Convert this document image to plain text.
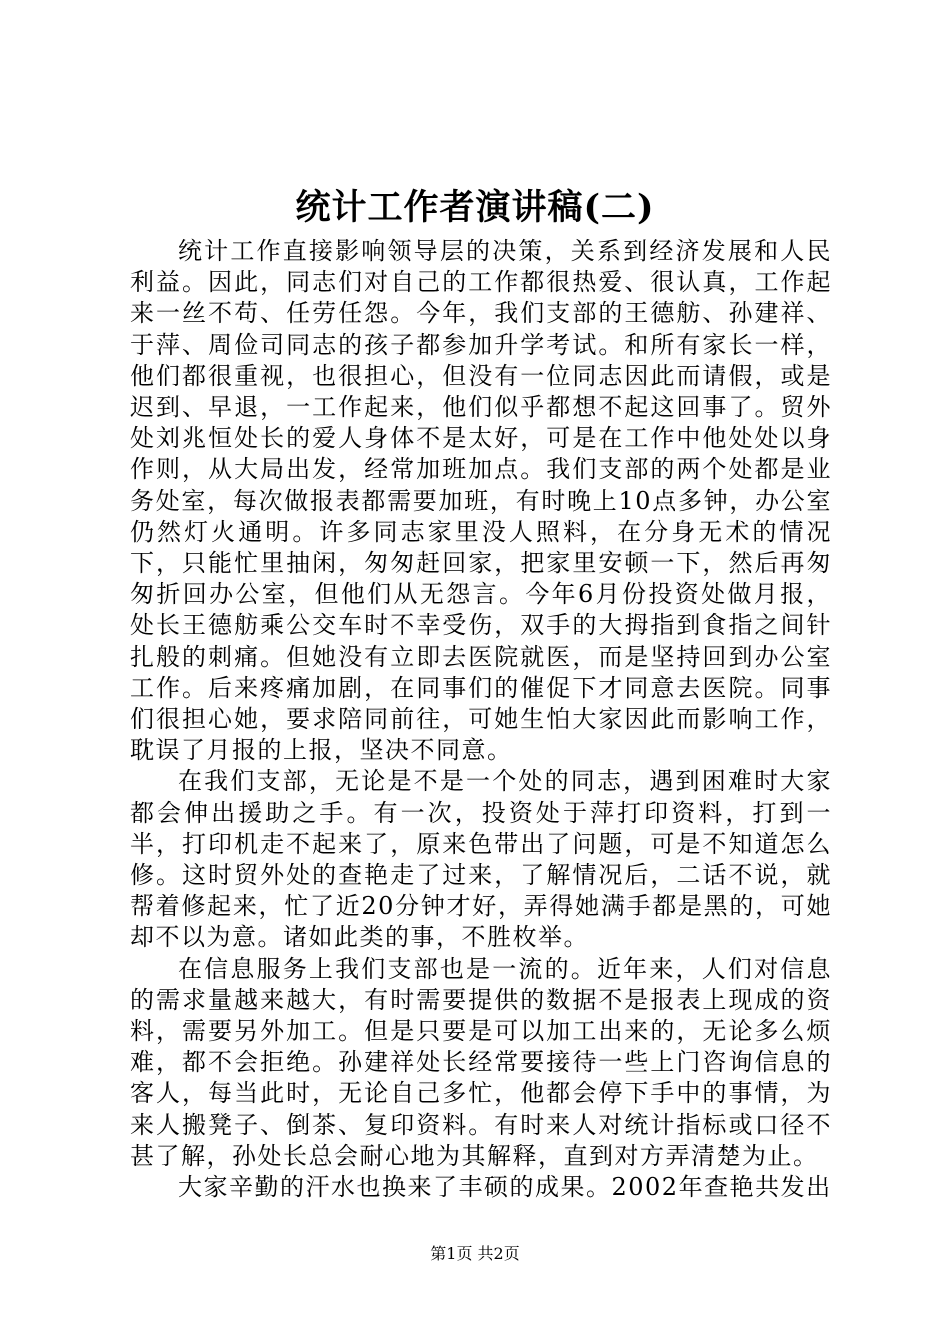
统计工作者演讲稿(二)

统计工作直接影响领导层的决策，关系到经济发展和人民利益。因此，同志们对自己的工作都很热爱、很认真，工作起来一丝不苟、任劳任怨。今年，我们支部的王德舫、孙建祥、于萍、周俭司同志的孩子都参加升学考试。和所有家长一样，他们都很重视，也很担心，但没有一位同志因此而请假，或是迟到、早退，一工作起来，他们似乎都想不起这回事了。贸外处刘兆恒处长的爱人身体不是太好，可是在工作中他处处以身作则，从大局出发，经常加班加点。我们支部的两个处都是业务处室，每次做报表都需要加班，有时晚上10点多钟，办公室仍然灯火通明。许多同志家里没人照料，在分身无术的情况下，只能忙里抽闲，匆匆赶回家，把家里安顿一下，然后再匆匆折回办公室，但他们从无怨言。今年6月份投资处做月报，处长王德舫乘公交车时不幸受伤，双手的大拇指到食指之间针扎般的刺痛。但她没有立即去医院就医，而是坚持回到办公室工作。后来疼痛加剧，在同事们的催促下才同意去医院。同事们很担心她，要求陪同前往，可她生怕大家因此而影响工作，耽误了月报的上报，坚决不同意。

在我们支部，无论是不是一个处的同志，遇到困难时大家都会伸出援助之手。有一次，投资处于萍打印资料，打到一半，打印机走不起来了，原来色带出了问题，可是不知道怎么修。这时贸外处的查艳走了过来，了解情况后，二话不说，就帮着修起来，忙了近20分钟才好，弄得她满手都是黑的，可她却不以为意。诸如此类的事，不胜枚举。

在信息服务上我们支部也是一流的。近年来，人们对信息的需求量越来越大，有时需要提供的数据不是报表上现成的资料，需要另外加工。但是只要是可以加工出来的，无论多么烦难，都不会拒绝。孙建祥处长经常要接待一些上门咨询信息的客人，每当此时，无论自己多忙，他都会停下手中的事情，为来人搬凳子、倒茶、复印资料。有时来人对统计指标或口径不甚了解，孙处长总会耐心地为其解释，直到对方弄清楚为止。

大家辛勤的汗水也换来了丰硕的成果。2002年查艳共发出

第1页 共2页
